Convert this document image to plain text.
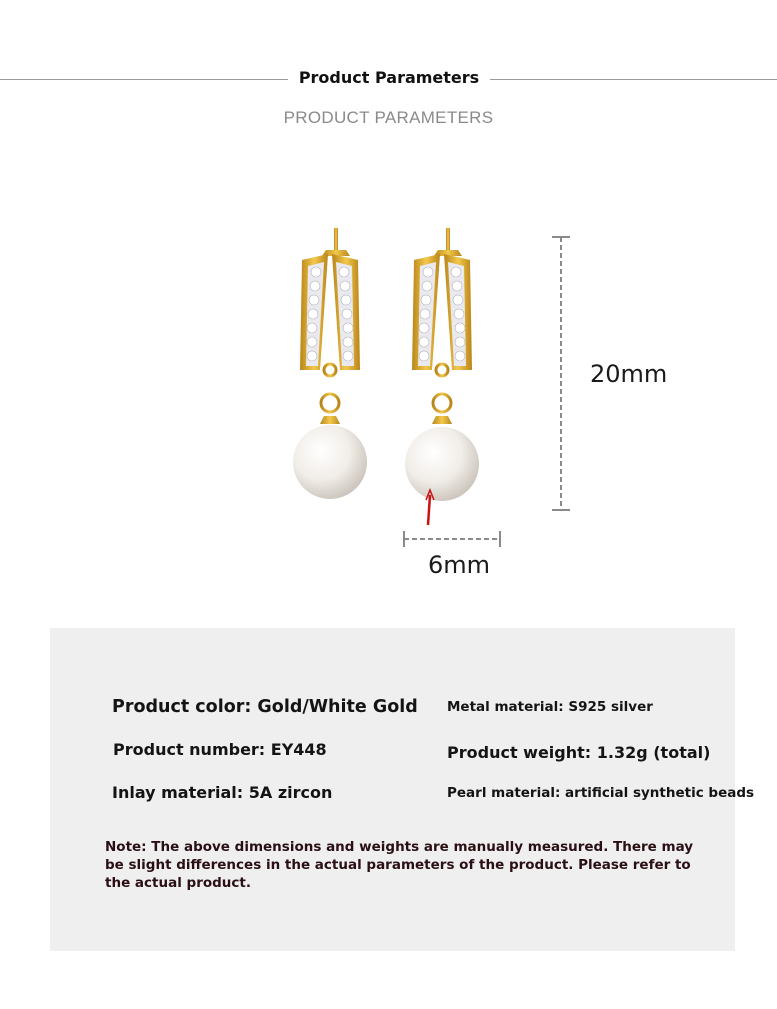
Product Parameters
PRODUCT PARAMETERS
20mm
6mm
Product color: Gold/White Gold Metal material: S925 silver
Product number: EY448	Product weight: 1.32g (total)
Inlay material: 5A zircon	Pearl material: artificial synthetic beads
Note: The above dimensions and weights are manually measured. There may be slight differences in the actual parameters of the product. Please refer to the actual product.
